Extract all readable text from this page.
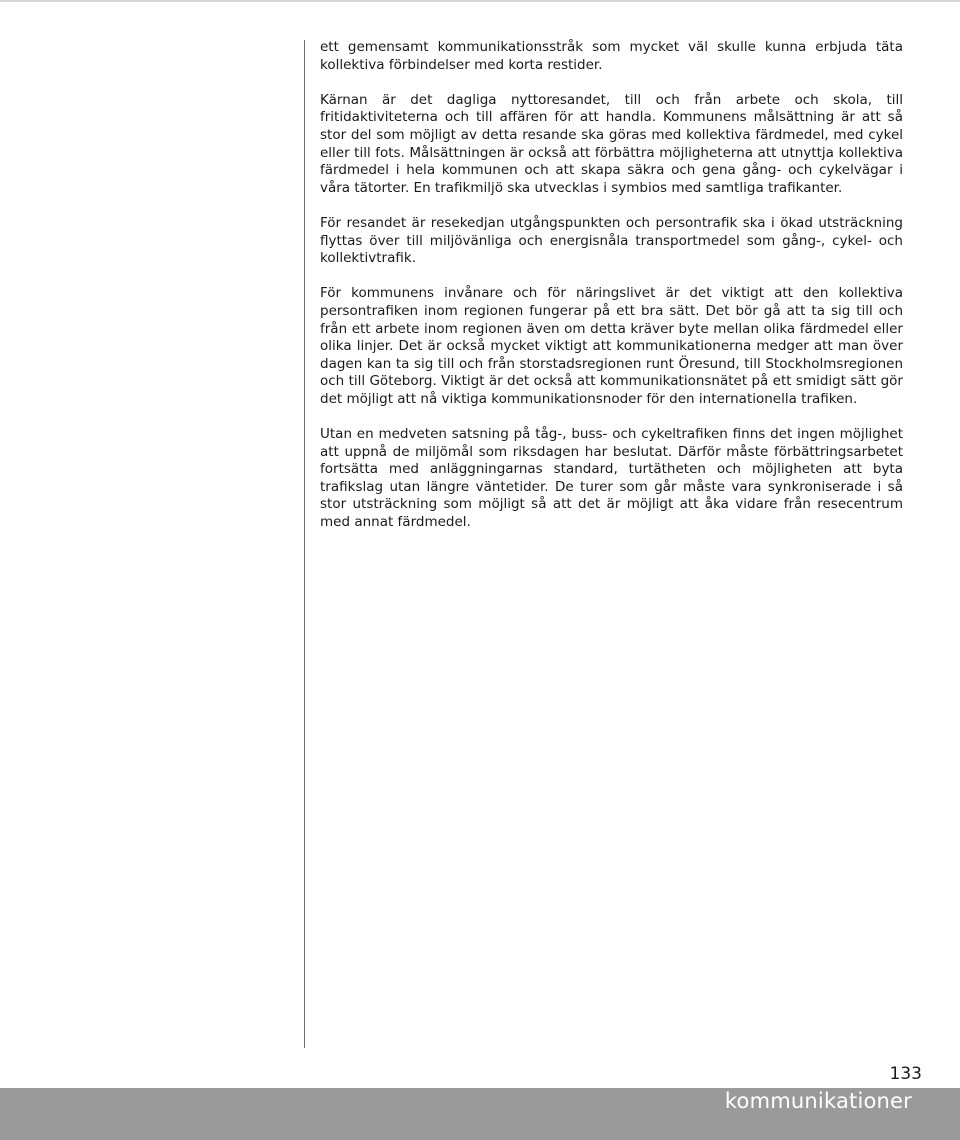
ett gemensamt kommunikationsstråk som mycket väl skulle kunna erbjuda täta kollektiva förbindelser med korta restider.

Kärnan är det dagliga nyttoresandet, till och från arbete och skola, till fritidaktiviteterna och till affären för att handla. Kommunens målsättning är att så stor del som möjligt av detta resande ska göras med kollektiva färdmedel, med cykel eller till fots. Målsättningen är också att förbättra möjligheterna att utnyttja kollektiva färdmedel i hela kommunen och att skapa säkra och gena gång- och cykelvägar i våra tätorter. En trafikmiljö ska utvecklas i symbios med samtliga trafikanter.

För resandet är resekedjan utgångspunkten och persontrafik ska i ökad utsträckning flyttas över till miljövänliga och energisnåla transportmedel som gång-, cykel- och kollektivtrafik.

För kommunens invånare och för näringslivet är det viktigt att den kollektiva persontrafiken inom regionen fungerar på ett bra sätt. Det bör gå att ta sig till och från ett arbete inom regionen även om detta kräver byte mellan olika färdmedel eller olika linjer. Det är också mycket viktigt att kommunikationerna medger att man över dagen kan ta sig till och från storstadsregionen runt Öresund, till Stockholmsregionen och till Göteborg. Viktigt är det också att kommunikationsnätet på ett smidigt sätt gör det möjligt att nå viktiga kommunikationsnoder för den internationella trafiken.

Utan en medveten satsning på tåg-, buss- och cykeltrafiken finns det ingen möjlighet att uppnå de miljömål som riksdagen har beslutat. Därför måste förbättringsarbetet fortsätta med anläggningarnas standard, turtätheten och möjligheten att byta trafikslag utan längre väntetider. De turer som går måste vara synkroniserade i så stor utsträckning som möjligt så att det är möjligt att åka vidare från resecentrum med annat färdmedel.

133
kommunikationer
